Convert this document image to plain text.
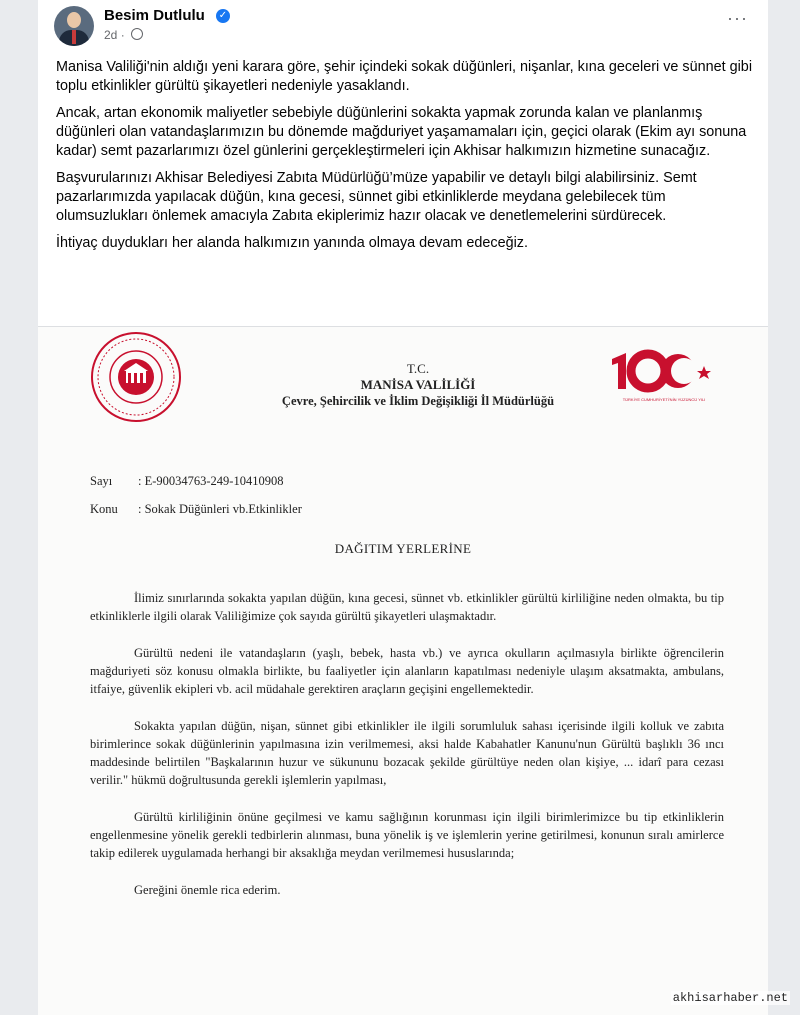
Besim Dutlulu ✓
2d ·
···

Manisa Valiliği'nin aldığı yeni karara göre, şehir içindeki sokak düğünleri, nişanlar, kına geceleri ve sünnet gibi toplu etkinlikler gürültü şikayetleri nedeniyle yasaklandı.

Ancak, artan ekonomik maliyetler sebebiyle düğünlerini sokakta yapmak zorunda kalan ve planlanmış düğünleri olan vatandaşlarımızın bu dönemde mağduriyet yaşamamaları için, geçici olarak (Ekim ayı sonuna kadar) semt pazarlarımızı özel günlerini gerçekleştirmeleri için Akhisar halkımızın hizmetine sunacağız.

Başvurularınızı Akhisar Belediyesi Zabıta Müdürlüğü’müze yapabilir ve detaylı bilgi alabilirsiniz. Semt pazarlarımızda yapılacak düğün, kına gecesi, sünnet gibi etkinliklerde meydana gelebilecek tüm olumsuzlukları önlemek amacıyla Zabıta ekiplerimiz hazır olacak ve denetlemelerini sürdürecek.

İhtiyaç duydukları her alanda halkımızın yanında olmaya devam edeceğiz.

T.C.
MANİSA VALİLİĞİ
Çevre, Şehircilik ve İklim Değişikliği İl Müdürlüğü	TÜRKİYE CUMHURİYETİ'NİN YÜZÜNCÜ YILI
Sayı : E-90034763-249-10410908
Konu : Sokak Düğünleri vb.Etkinlikler
DAĞITIM YERLERİNE

İlimiz sınırlarında sokakta yapılan düğün, kına gecesi, sünnet vb. etkinlikler gürültü kirliliğine neden olmakta, bu tip etkinliklerle ilgili olarak Valiliğimize çok sayıda gürültü şikayetleri ulaşmaktadır.

Gürültü nedeni ile vatandaşların (yaşlı, bebek, hasta vb.) ve ayrıca okulların açılmasıyla birlikte öğrencilerin mağduriyeti söz konusu olmakla birlikte, bu faaliyetler için alanların kapatılması nedeniyle ulaşım aksatmakta, ambulans, itfaiye, güvenlik ekipleri vb. acil müdahale gerektiren araçların geçişini engellemektedir.

Sokakta yapılan düğün, nişan, sünnet gibi etkinlikler ile ilgili sorumluluk sahası içerisinde ilgili kolluk ve zabıta birimlerince sokak düğünlerinin yapılmasına izin verilmemesi, aksi halde Kabahatler Kanunu'nun Gürültü başlıklı 36 ıncı maddesinde belirtilen "Başkalarının huzur ve sükununu bozacak şekilde gürültüye neden olan kişiye, ... idarî para cezası verilir." hükmü doğrultusunda gerekli işlemlerin yapılması,

Gürültü kirliliğinin önüne geçilmesi ve kamu sağlığının korunması için ilgili birimlerimizce bu tip etkinliklerin engellenmesine yönelik gerekli tedbirlerin alınması, buna yönelik iş ve işlemlerin yerine getirilmesi, konunun sıralı amirlerce takip edilerek uygulamada herhangi bir aksaklığa meydan verilmemesi hususlarında;

Gereğini önemle rica ederim.

akhisarhaber.net
